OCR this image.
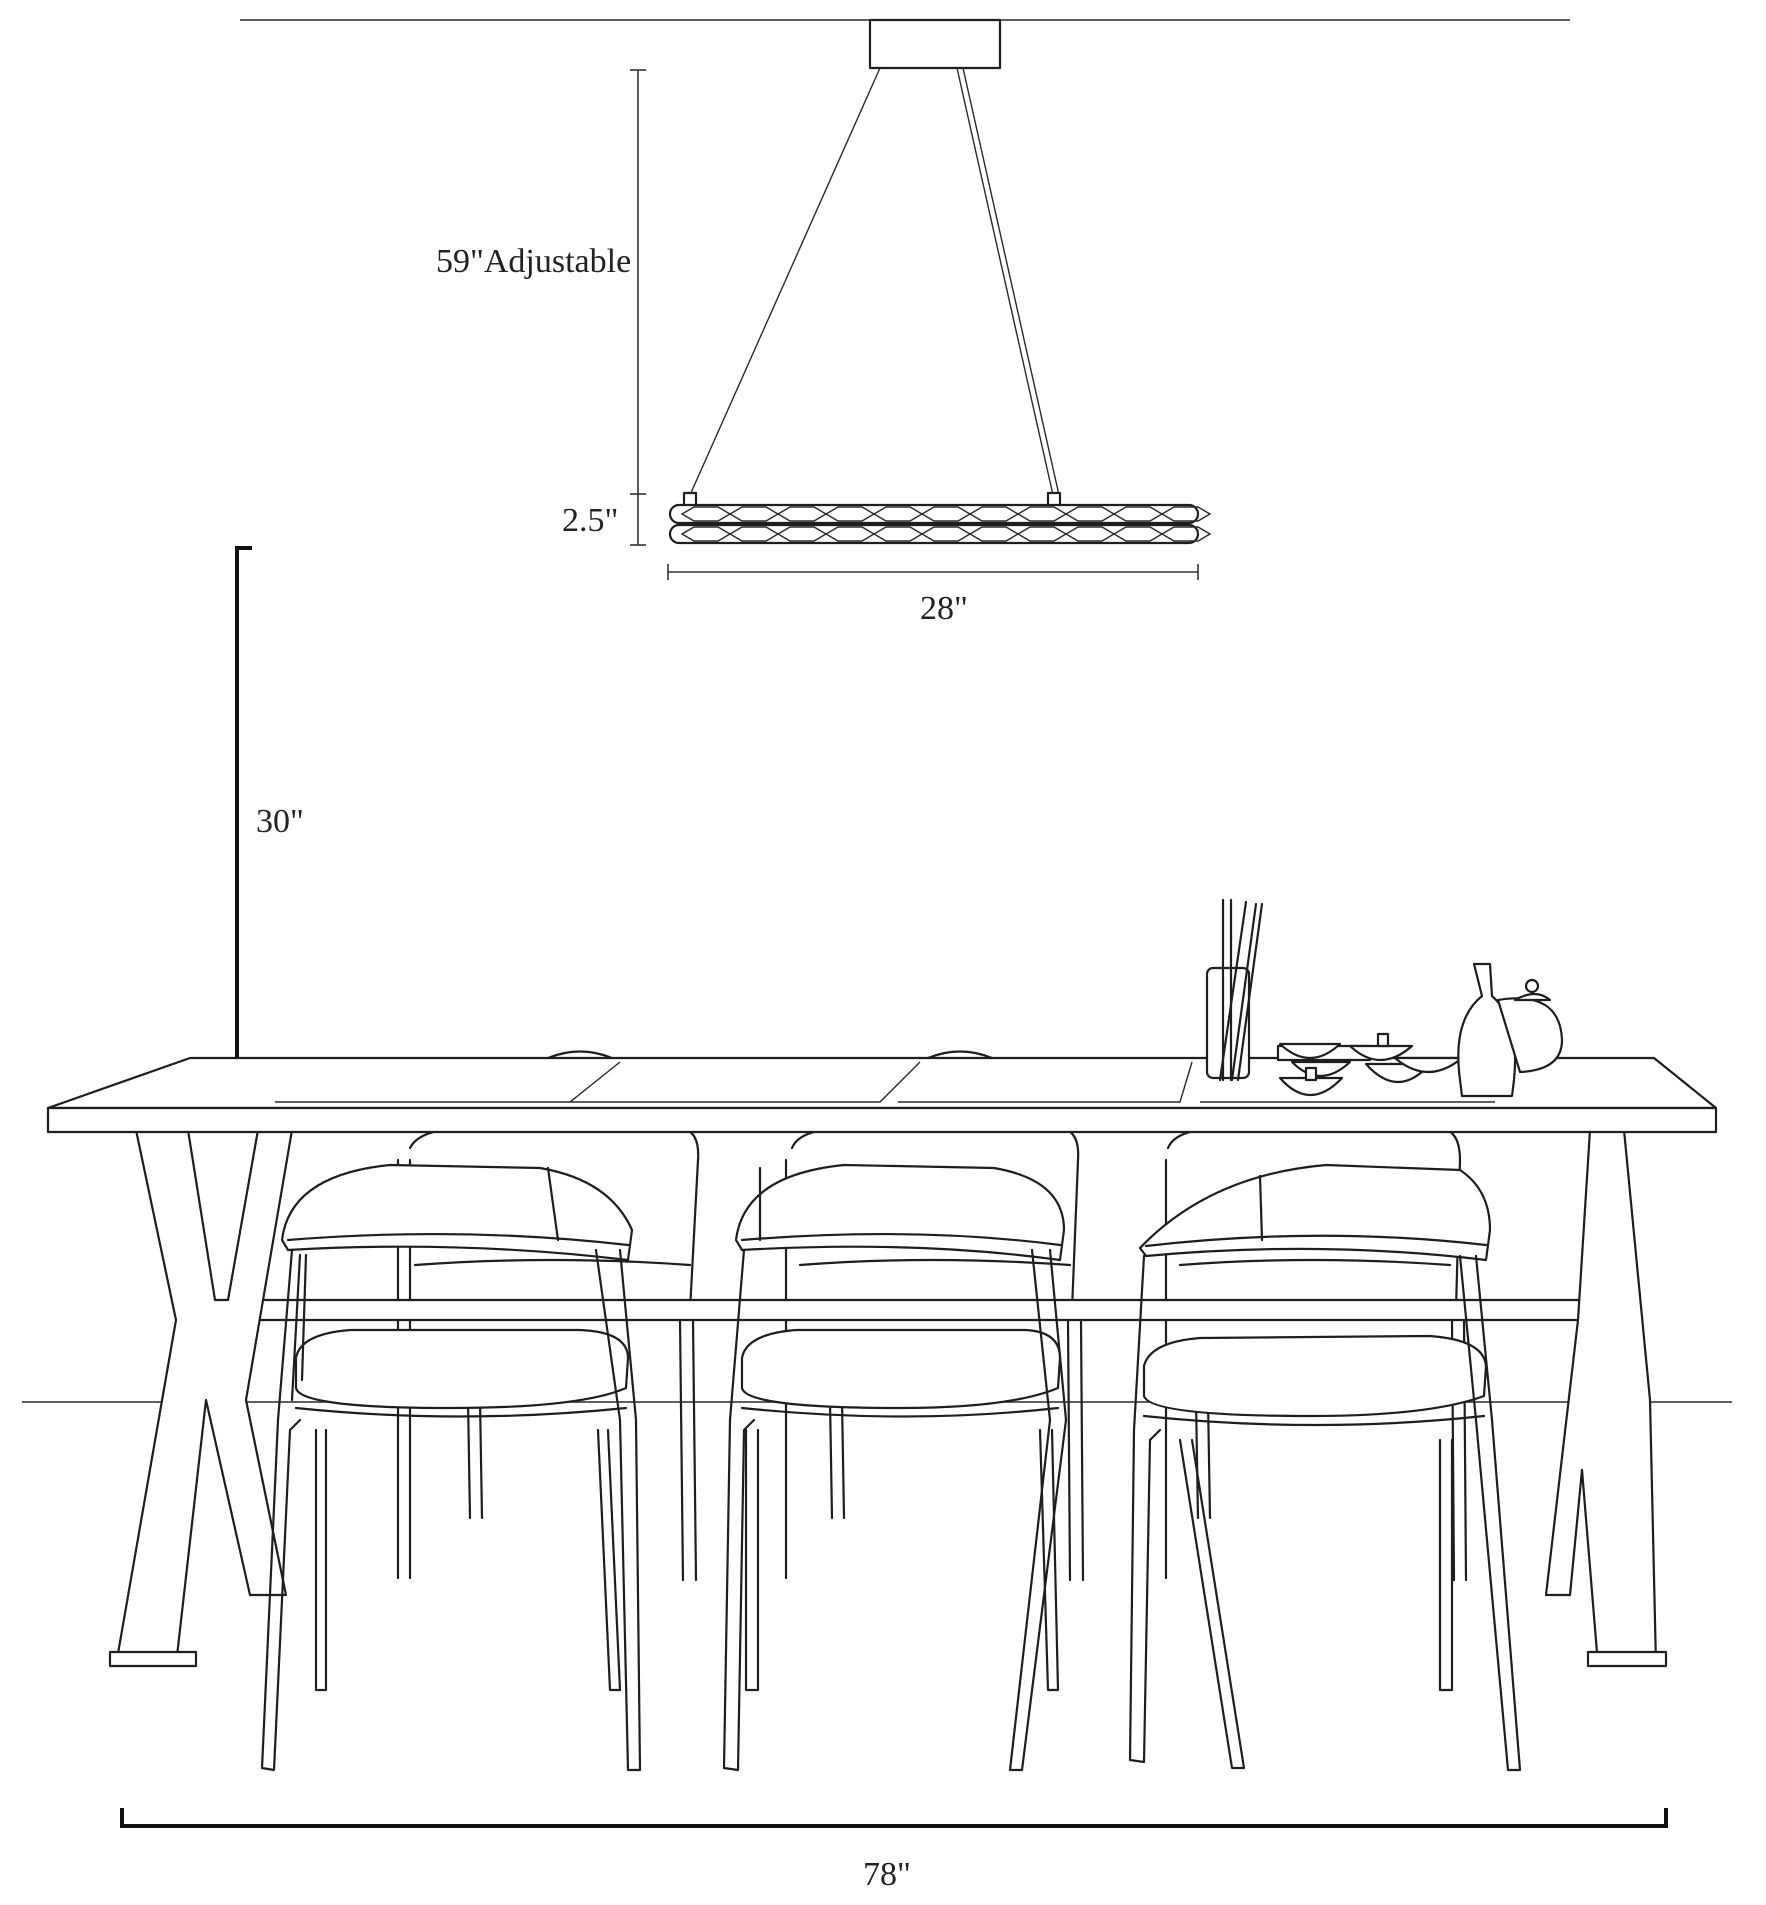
59"Adjustable
2.5"
28"
30"
78"
